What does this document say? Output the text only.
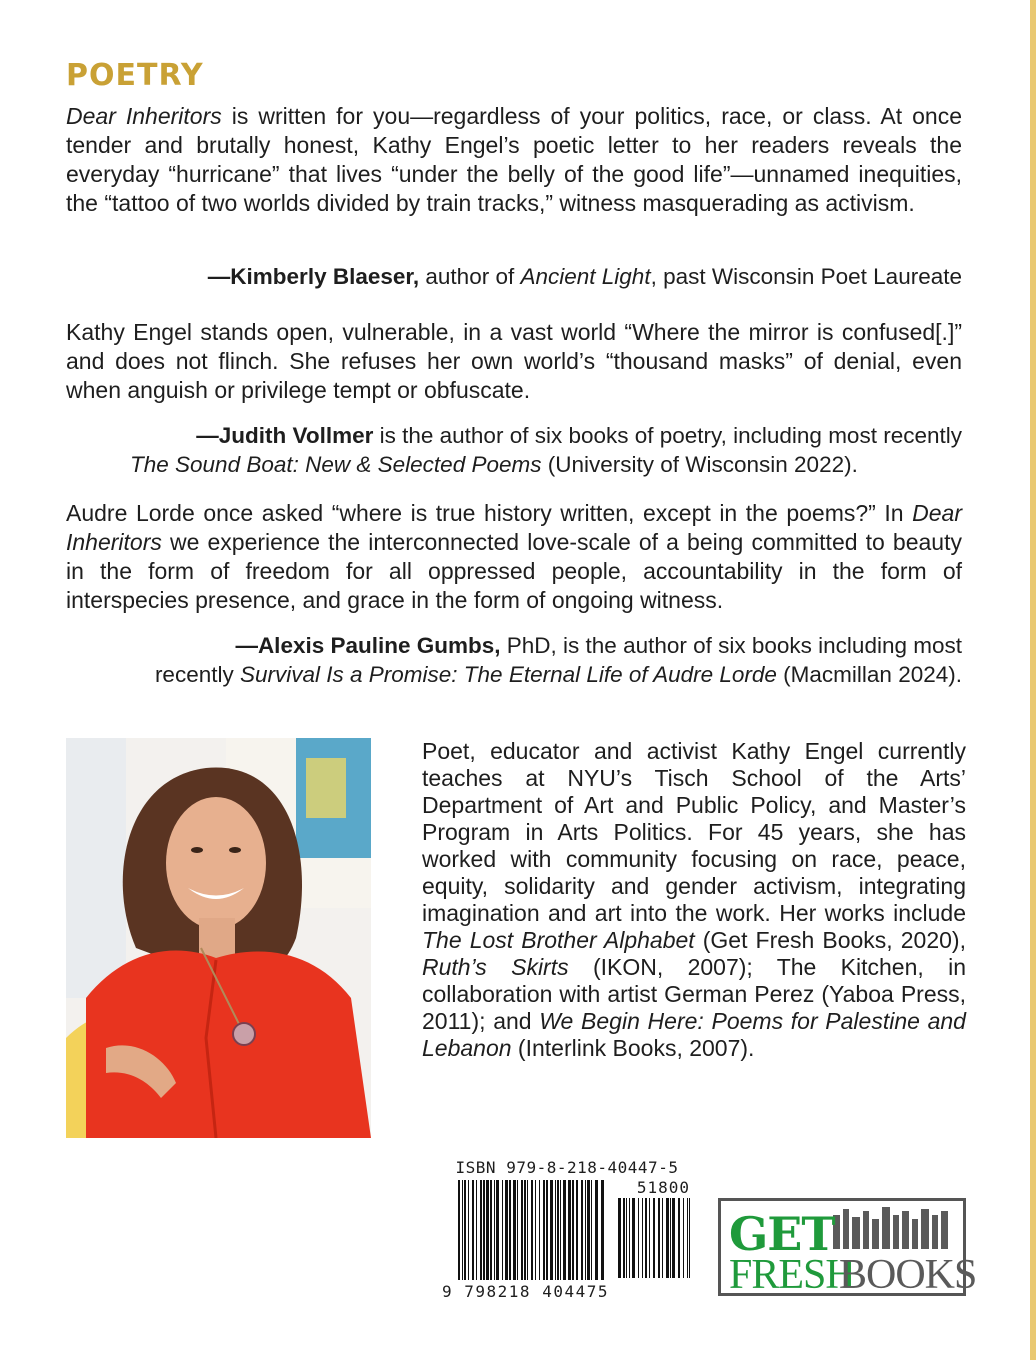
POETRY

Dear Inheritors is written for you—regardless of your politics, race, or class. At once tender and brutally honest, Kathy Engel’s poetic letter to her readers reveals the everyday “hurricane” that lives “under the belly of the good life”—unnamed inequities, the “tattoo of two worlds divided by train tracks,” witness masquerading as activism.

—Kimberly Blaeser, author of Ancient Light, past Wisconsin Poet Laureate

Kathy Engel stands open, vulnerable, in a vast world “Where the mirror is confused[.]” and does not flinch. She refuses her own world’s “thousand masks” of denial, even when anguish or privilege tempt or obfuscate.

—Judith Vollmer is the author of six books of poetry, including most recently
The Sound Boat: New & Selected Poems (University of Wisconsin 2022).

Audre Lorde once asked “where is true history written, except in the poems?” In Dear Inheritors we experience the interconnected love-scale of a being committed to beauty in the form of freedom for all oppressed people, accountability in the form of interspecies presence, and grace in the form of ongoing witness.

—Alexis Pauline Gumbs, PhD, is the author of six books including most
recently Survival Is a Promise: The Eternal Life of Audre Lorde (Macmillan 2024).

Poet, educator and activist Kathy Engel currently teaches at NYU’s Tisch School of the Arts’ Department of Art and Public Policy, and Master’s Program in Arts Politics. For 45 years, she has worked with community focusing on race, peace, equity, solidarity and gender activism, integrating imagination and art into the work. Her works include The Lost Brother Alphabet (Get Fresh Books, 2020), Ruth’s Skirts (IKON, 2007); The Kitchen, in collaboration with artist German Perez (Yaboa Press, 2011); and We Begin Here: Poems for Palestine and Lebanon (Interlink Books, 2007).

ISBN 979-8-218-40447-5
51800
9 798218 404475
GET
FRESH
BOOKS
